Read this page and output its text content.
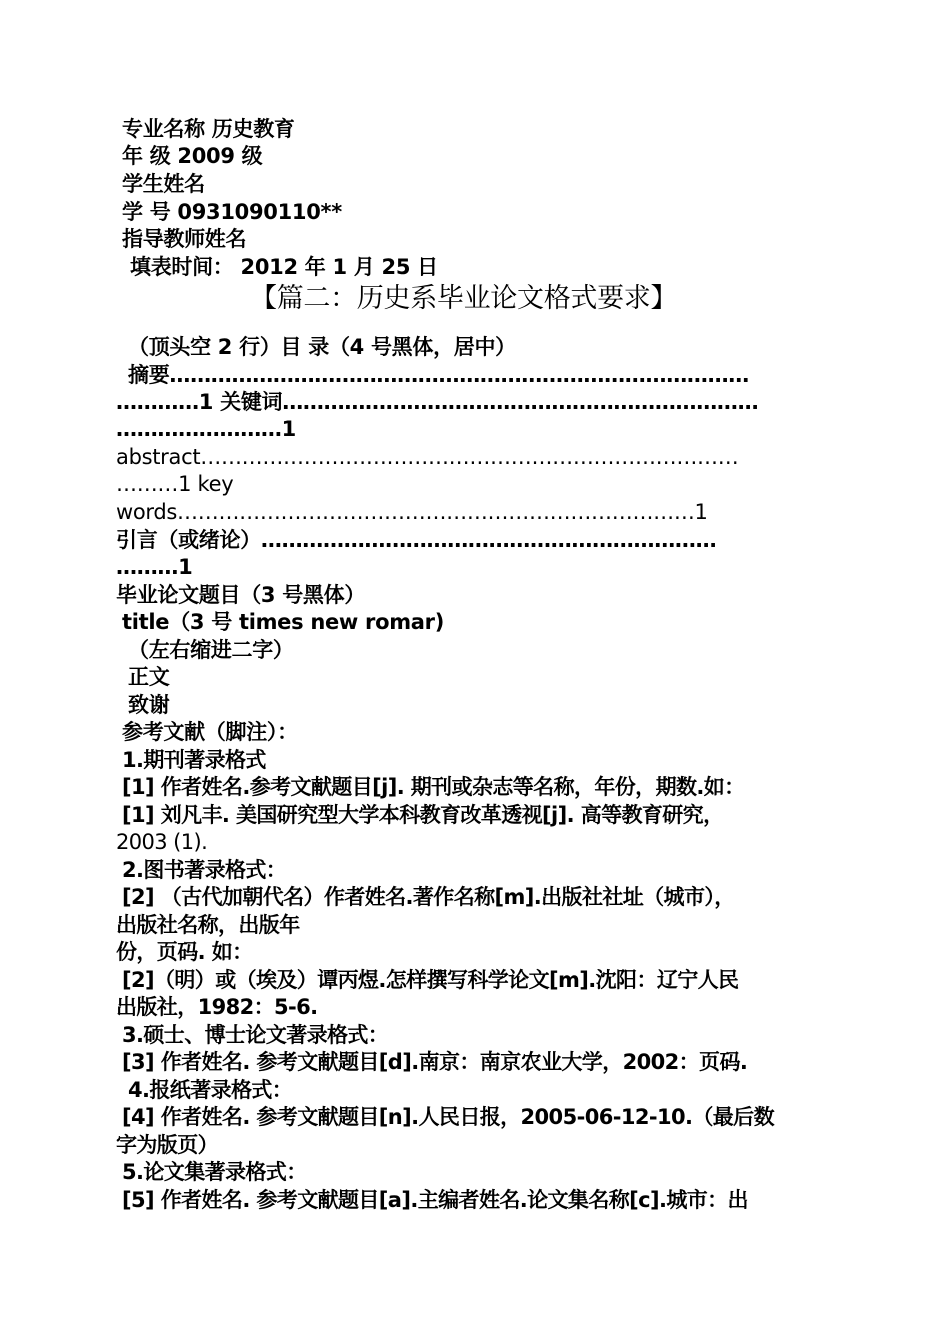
专业名称 历史教育
年 级 2009 级
学生姓名
学 号 0931090110**
指导教师姓名
填表时间： 2012 年 1 月 25 日
【篇二：历史系毕业论文格式要求】
（顶头空 2 行）目 录（4 号黑体，居中）
摘要…………………………………………………………………………
…………1 关键词……………………………………………………………
……………………1
abstract……………………………………………………………………
………1 key
words…………………………………………………………………1
引言（或绪论）…………………………………………………………
………1
毕业论文题目（3 号黑体）
title（3 号 times new romar)
（左右缩进二字）
正文
致谢
参考文献（脚注）：
1.期刊著录格式
[1] 作者姓名.参考文献题目[j]. 期刊或杂志等名称，年份，期数.如：
[1] 刘凡丰. 美国研究型大学本科教育改革透视[j]. 高等教育研究，
2003 (1).
2.图书著录格式：
[2] （古代加朝代名）作者姓名.著作名称[m].出版社社址（城市），
出版社名称，出版年
份，页码. 如：
[2]（明）或（埃及）谭丙煜.怎样撰写科学论文[m].沈阳：辽宁人民
出版社，1982：5-6.
3.硕士、博士论文著录格式：
[3] 作者姓名. 参考文献题目[d].南京：南京农业大学，2002：页码.
4.报纸著录格式：
[4] 作者姓名. 参考文献题目[n].人民日报，2005-06-12-10.（最后数
字为版页）
5.论文集著录格式：
[5] 作者姓名. 参考文献题目[a].主编者姓名.论文集名称[c].城市：出
